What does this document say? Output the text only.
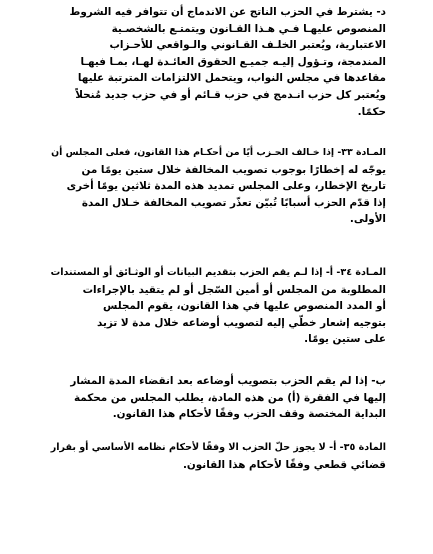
د- يشترط في الحزب الناتج عن الاندماج أن تتوافر فيه الشروط
المنصوص عليهـا فـي هـذا القـانون ويتمتـع بالشخصـية
الاعتبارية، ويُعتبر الخلـف القـانوني والـواقعي للأحـزاب
المندمجة، وتـؤول إليـه جميـع الحقوق العائـدة لهـا، بمـا فيهـا
مقاعدها في مجلس النواب، ويتحمل الالتزامات المترتبة عليها
ويُعتبر كل حزب انـدمج في حزب قـائم أو في حزب جديد مُنحلاً
حكمًا.
المـادة ٣٣- إذا خـالف الحـزب أيًا من أحكـام هذا القانون، فعلى المجلس أن
يوجّه له إخطارًا بوجوب تصويب المخالفة خلال ستين يومًا من
تاريخ الإخطار، وعلى المجلس تمديد هذه المدة ثلاثين يومًا أخرى
إذا قدّم الحزب أسبابًا تُبيّن تعذّر تصويب المخالفة خـلال المدة
الأولى.
المـادة ٣٤- أ- إذا لـم يقم الحزب بتقديم البيانات أو الوثـائق أو المستندات
المطلوبة من المجلس أو أمين السّجل أو لم يتقيد بالإجراءات
أو المدد المنصوص عليها في هذا القانون، يقوم المجلس
بتوجيه إشعار خطّي إليه لتصويب أوضاعه خلال مدة لا تزيد
على ستين يومًا.
ب- إذا لم يقم الحزب بتصويب أوضاعه بعد انقضاء المدة المشار
إليها في الفقرة (أ) من هذه المادة، يطلب المجلس من محكمة
البداية المختصة وقف الحزب وفقًا لأحكام هذا القانون.
المادة ٣٥- أ- لا يجوز حلّ الحزب الا وفقًا لأحكام نظامه الأساسي أو بقرار
قضائي قطعي وفقًا لأحكام هذا القانون.
